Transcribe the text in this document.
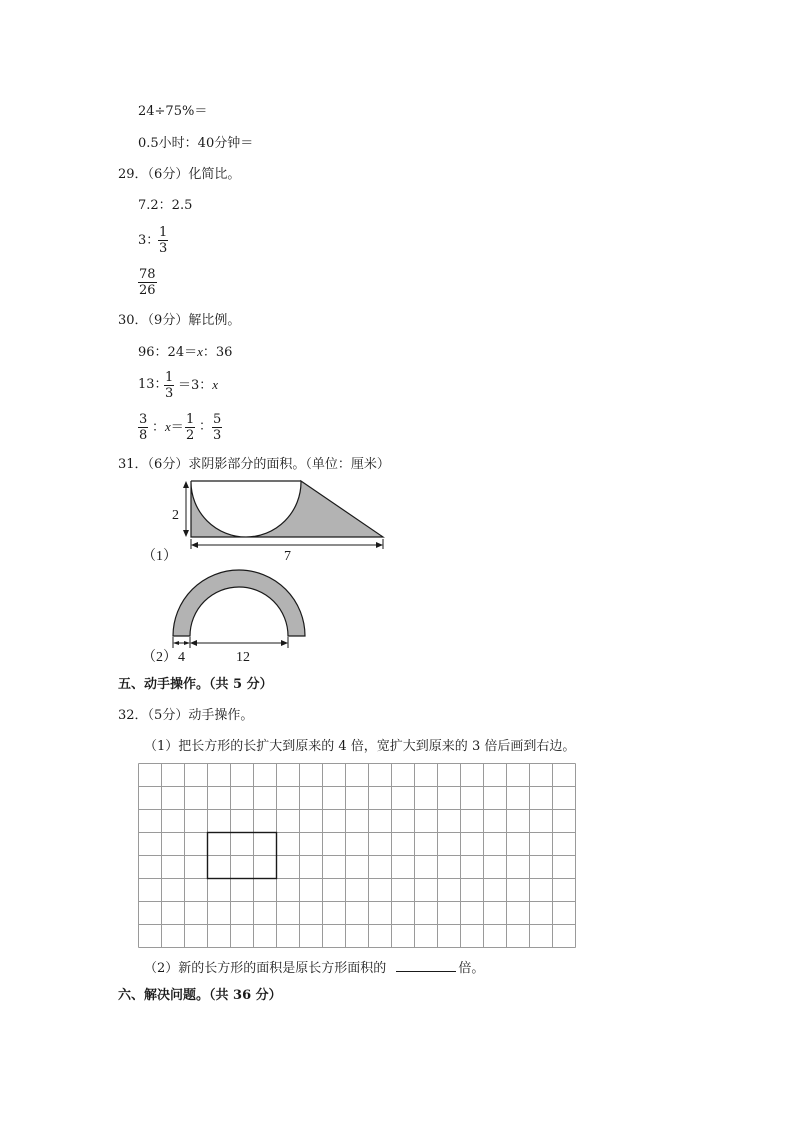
24÷75%＝
0.5小时：40分钟＝
29．（6分）化简比。
7.2：2.5
3：
$\frac{1}{3}$
$\frac{78}{26}$
30．（9分）解比例。
96：24＝x：36
13：
$\frac{1}{3} =3$：x
$\frac{3}{8}$ ：$x= \frac{1}{2}$ ： $\frac{5}{3}$
31．（6分）求阴影部分的面积。（单位：厘米）
2
7
（1）
4	12
（2）
五、动手操作。（共 5 分）
32．（5分）动手操作。
（1）把长方形的长扩大到原来的 4 倍，宽扩大到原来的 3 倍后画到右边。
（2）新的长方形的面积是原长方形面积的	倍。
六、解决问题。（共 36 分）
